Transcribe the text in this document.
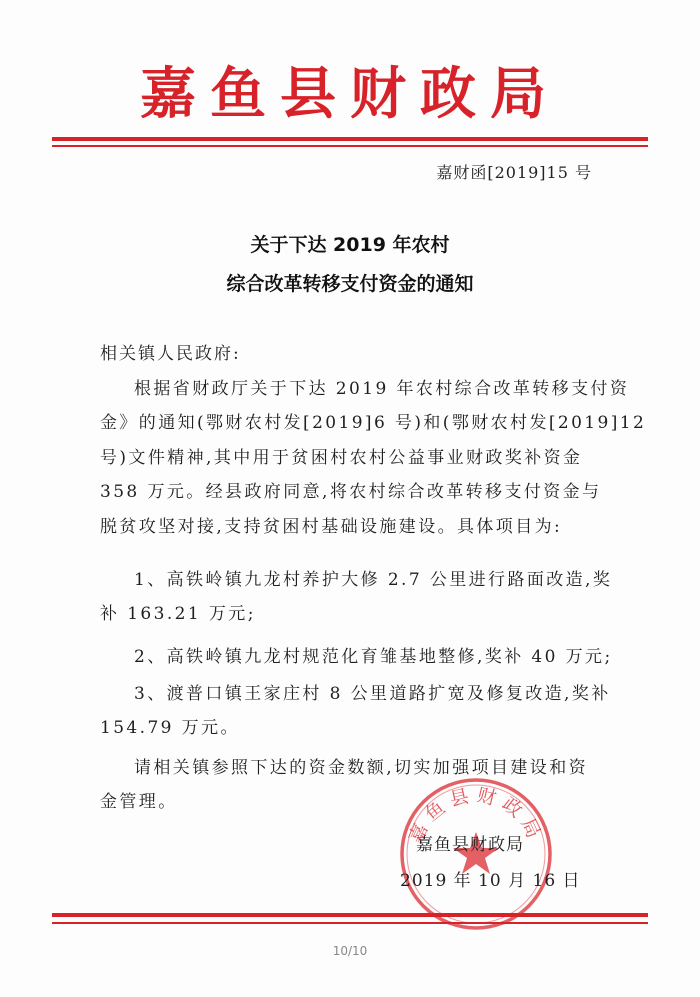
嘉鱼县财政局
嘉财函[2019]15 号
关于下达 2019 年农村
综合改革转移支付资金的通知
相关镇人民政府:
根据省财政厅关于下达 2019 年农村综合改革转移支付资
金》的通知(鄂财农村发[2019]6 号)和(鄂财农村发[2019]12
号)文件精神,其中用于贫困村农村公益事业财政奖补资金
358 万元。经县政府同意,将农村综合改革转移支付资金与
脱贫攻坚对接,支持贫困村基础设施建设。具体项目为:
1、高铁岭镇九龙村养护大修 2.7 公里进行路面改造,奖
补 163.21 万元;
2、高铁岭镇九龙村规范化育雏基地整修,奖补 40 万元;
3、渡普口镇王家庄村 8 公里道路扩宽及修复改造,奖补
154.79 万元。
请相关镇参照下达的资金数额,切实加强项目建设和资
金管理。
嘉鱼县财政局
嘉鱼县财政局
2019 年 10 月 16 日
10/10
